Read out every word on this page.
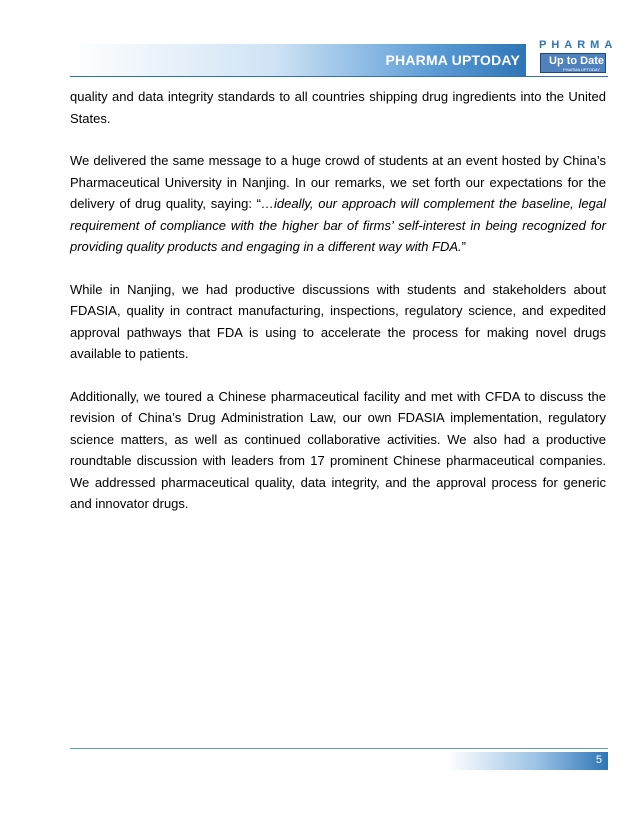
PHARMA UPTODAY
PHARMA
Up to Date
PHARMA UPTODAY

quality and data integrity standards to all countries shipping drug ingredients into the United States.

We delivered the same message to a huge crowd of students at an event hosted by China’s Pharmaceutical University in Nanjing. In our remarks, we set forth our expectations for the delivery of drug quality, saying: “…ideally, our approach will complement the baseline, legal requirement of compliance with the higher bar of firms’ self-interest in being recognized for providing quality products and engaging in a different way with FDA.”

While in Nanjing, we had productive discussions with students and stakeholders about FDASIA, quality in contract manufacturing, inspections, regulatory science, and expedited approval pathways that FDA is using to accelerate the process for making novel drugs available to patients.

Additionally, we toured a Chinese pharmaceutical facility and met with CFDA to discuss the revision of China’s Drug Administration Law, our own FDASIA implementation, regulatory science matters, as well as continued collaborative activities. We also had a productive roundtable discussion with leaders from 17 prominent Chinese pharmaceutical companies. We addressed pharmaceutical quality, data integrity, and the approval process for generic and innovator drugs.

5
